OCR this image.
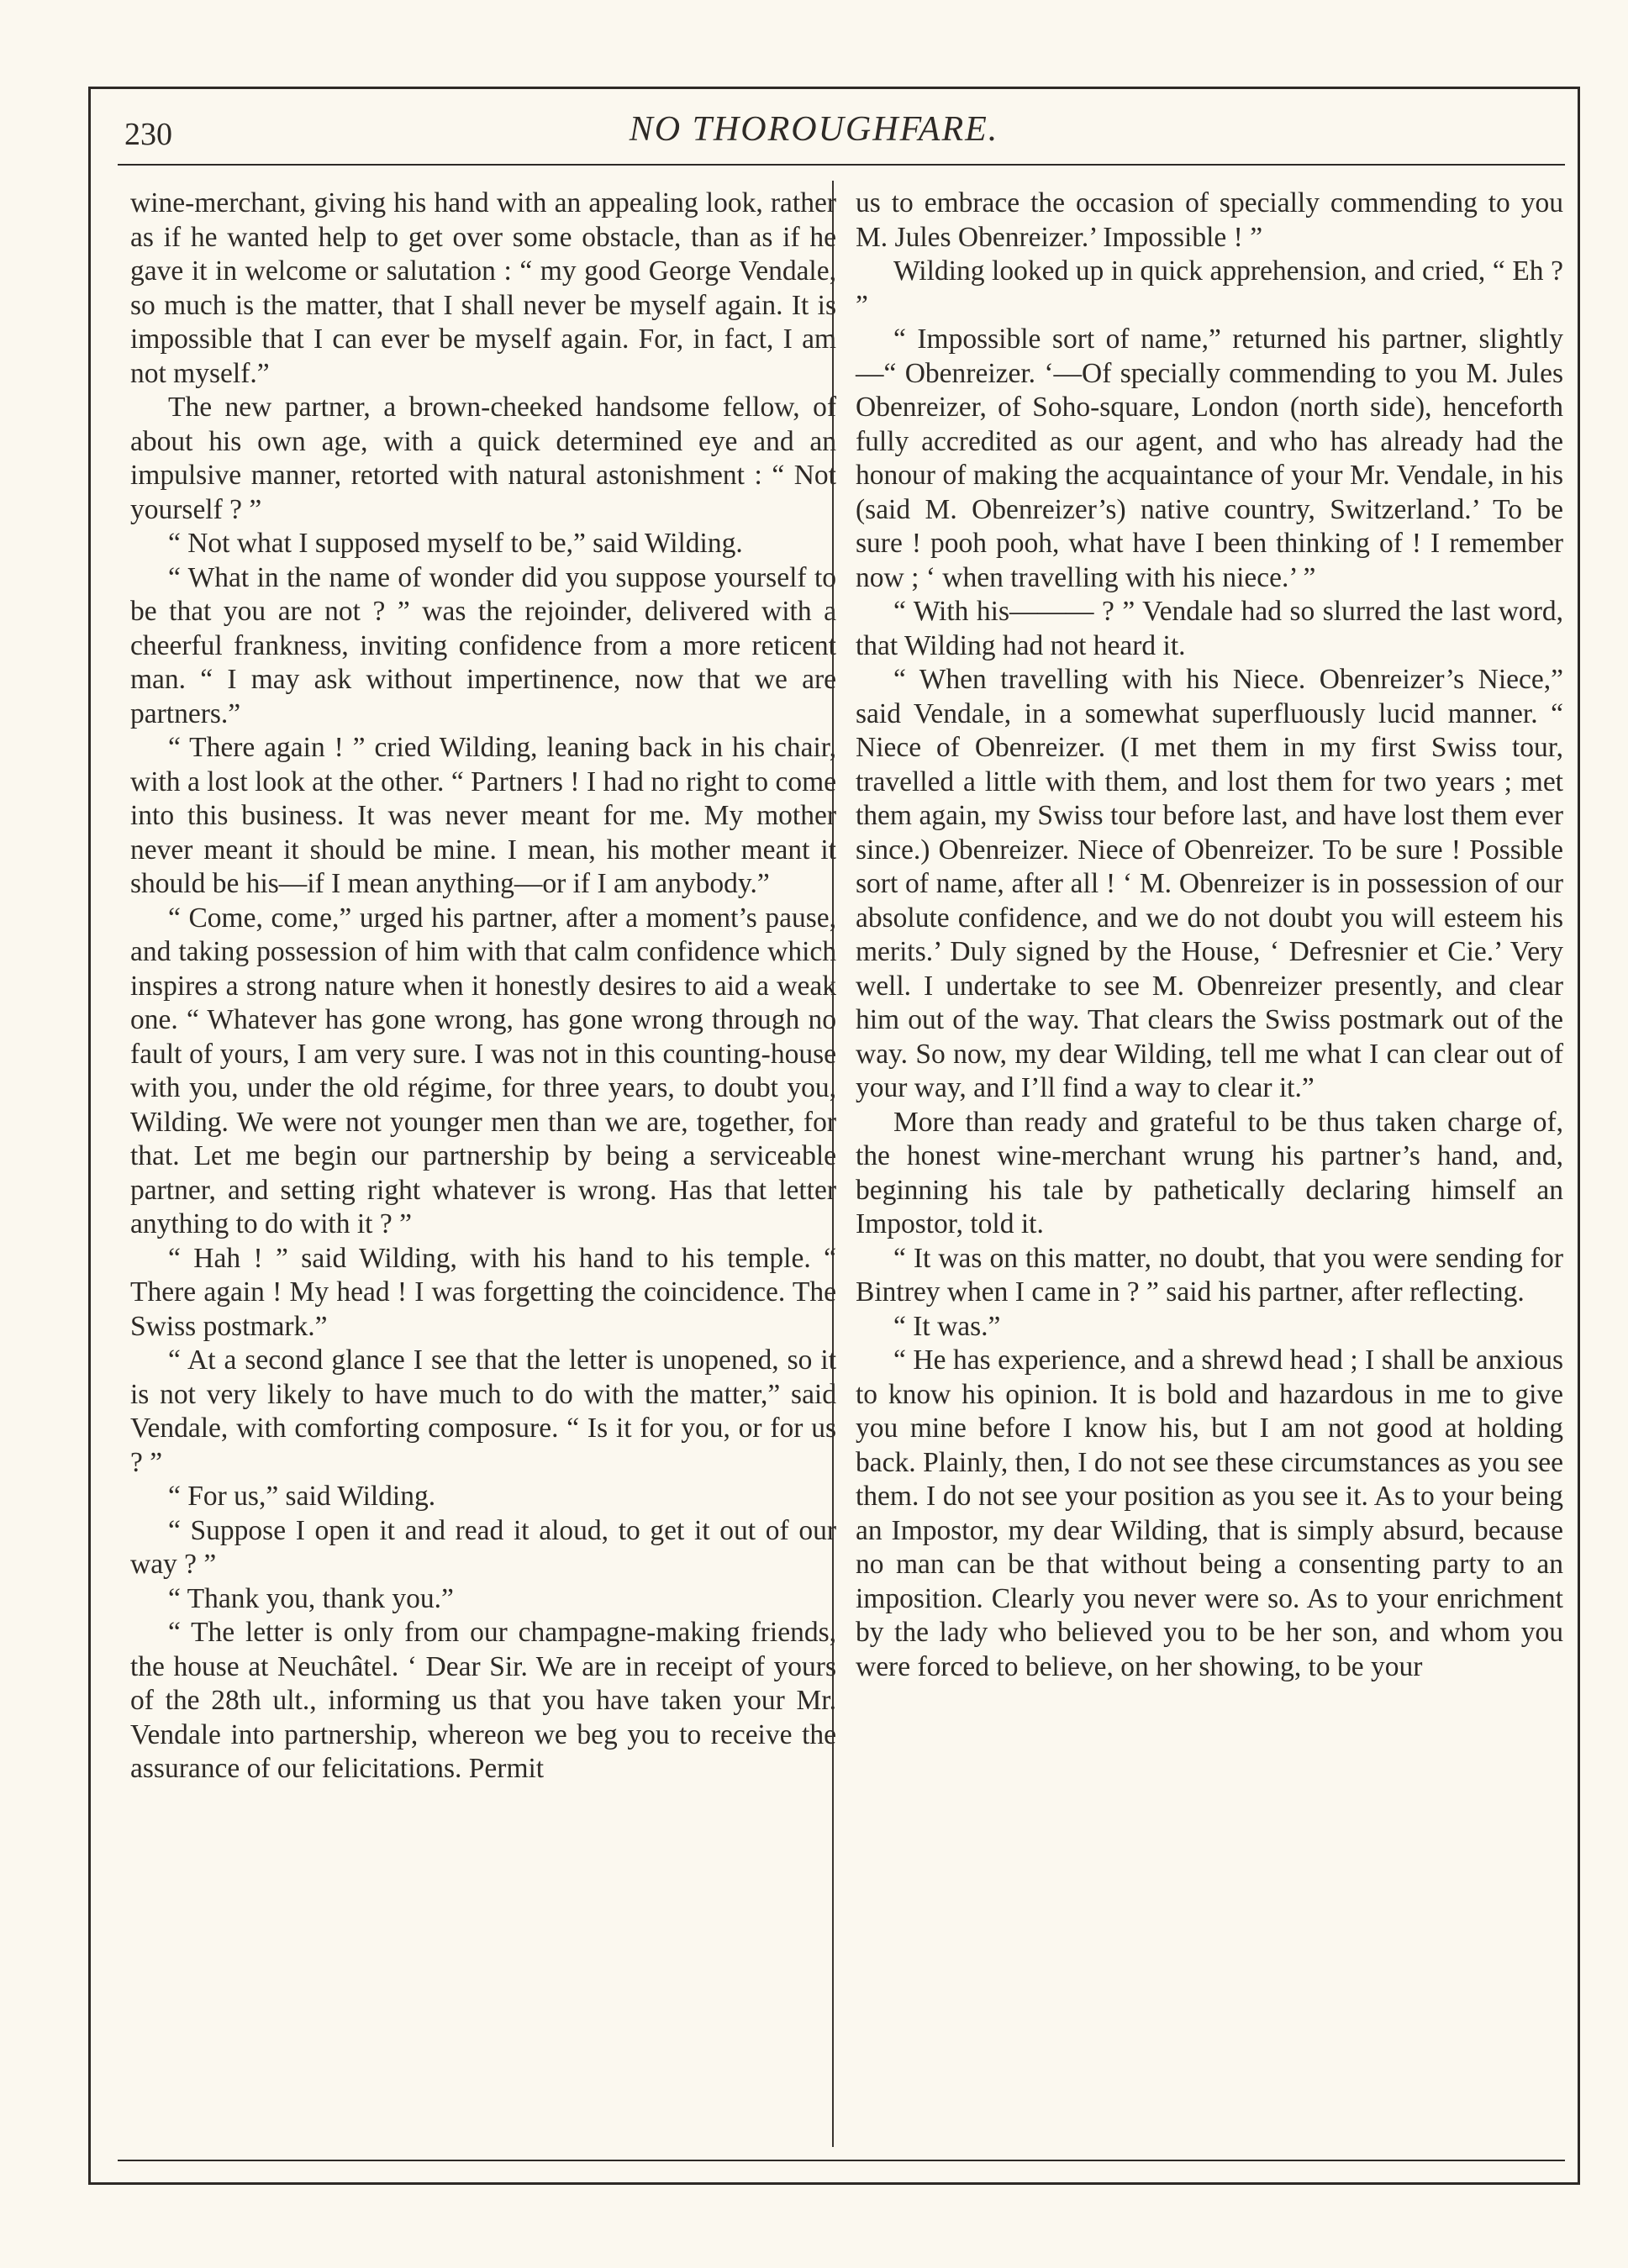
230	NO THOROUGHFARE.

wine-merchant, giving his hand with an appealing look, rather as if he wanted help to get over some obstacle, than as if he gave it in welcome or salutation : “ my good George Vendale, so much is the matter, that I shall never be myself again. It is impossible that I can ever be myself again. For, in fact, I am not myself.”

The new partner, a brown-cheeked handsome fellow, of about his own age, with a quick determined eye and an impulsive manner, retorted with natural astonishment : “ Not yourself ? ”

“ Not what I supposed myself to be,” said Wilding.

“ What in the name of wonder did you suppose yourself to be that you are not ? ” was the rejoinder, delivered with a cheerful frankness, inviting confidence from a more reticent man. “ I may ask without impertinence, now that we are partners.”

“ There again ! ” cried Wilding, leaning back in his chair, with a lost look at the other. “ Partners ! I had no right to come into this business. It was never meant for me. My mother never meant it should be mine. I mean, his mother meant it should be his—if I mean anything—or if I am anybody.”

“ Come, come,” urged his partner, after a moment’s pause, and taking possession of him with that calm confidence which inspires a strong nature when it honestly desires to aid a weak one. “ Whatever has gone wrong, has gone wrong through no fault of yours, I am very sure. I was not in this counting-house with you, under the old régime, for three years, to doubt you, Wilding. We were not younger men than we are, together, for that. Let me begin our partnership by being a serviceable partner, and setting right whatever is wrong. Has that letter anything to do with it ? ”

“ Hah ! ” said Wilding, with his hand to his temple. “ There again ! My head ! I was forgetting the coincidence. The Swiss postmark.”

“ At a second glance I see that the letter is unopened, so it is not very likely to have much to do with the matter,” said Vendale, with comforting composure. “ Is it for you, or for us ? ”

“ For us,” said Wilding.

“ Suppose I open it and read it aloud, to get it out of our way ? ”

“ Thank you, thank you.”

“ The letter is only from our champagne-making friends, the house at Neuchâtel. ‘ Dear Sir. We are in receipt of yours of the 28th ult., informing us that you have taken your Mr. Vendale into partnership, whereon we beg you to receive the assurance of our felicitations. Permit

us to embrace the occasion of specially commending to you M. Jules Obenreizer.’ Impossible ! ”

Wilding looked up in quick apprehension, and cried, “ Eh ? ”

“ Impossible sort of name,” returned his partner, slightly—“ Obenreizer. ‘—Of specially commending to you M. Jules Obenreizer, of Soho-square, London (north side), henceforth fully accredited as our agent, and who has already had the honour of making the acquaintance of your Mr. Vendale, in his (said M. Obenreizer’s) native country, Switzerland.’ To be sure ! pooh pooh, what have I been thinking of ! I remember now ; ‘ when travelling with his niece.’ ”

“ With his——— ? ” Vendale had so slurred the last word, that Wilding had not heard it.

“ When travelling with his Niece. Obenreizer’s Niece,” said Vendale, in a somewhat superfluously lucid manner. “ Niece of Obenreizer. (I met them in my first Swiss tour, travelled a little with them, and lost them for two years ; met them again, my Swiss tour before last, and have lost them ever since.) Obenreizer. Niece of Obenreizer. To be sure ! Possible sort of name, after all ! ‘ M. Obenreizer is in possession of our absolute confidence, and we do not doubt you will esteem his merits.’ Duly signed by the House, ‘ Defresnier et Cie.’ Very well. I undertake to see M. Obenreizer presently, and clear him out of the way. That clears the Swiss postmark out of the way. So now, my dear Wilding, tell me what I can clear out of your way, and I’ll find a way to clear it.”

More than ready and grateful to be thus taken charge of, the honest wine-merchant wrung his partner’s hand, and, beginning his tale by pathetically declaring himself an Impostor, told it.

“ It was on this matter, no doubt, that you were sending for Bintrey when I came in ? ” said his partner, after reflecting.

“ It was.”

“ He has experience, and a shrewd head ; I shall be anxious to know his opinion. It is bold and hazardous in me to give you mine before I know his, but I am not good at holding back. Plainly, then, I do not see these circumstances as you see them. I do not see your position as you see it. As to your being an Impostor, my dear Wilding, that is simply absurd, because no man can be that without being a consenting party to an imposition. Clearly you never were so. As to your enrichment by the lady who believed you to be her son, and whom you were forced to believe, on her showing, to be your
